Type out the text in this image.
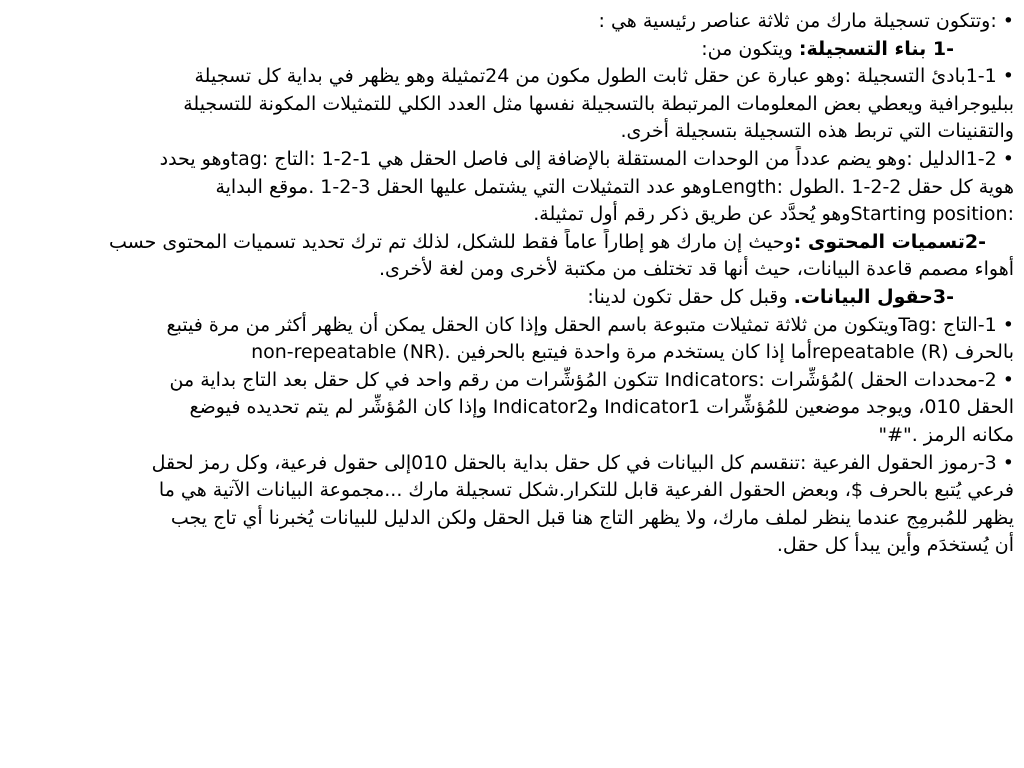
• :وتتكون تسجيلة مارك من ثلاثة عناصر رئيسية هي :
-1 بناء التسجيلة: ويتكون من:
• 1-1بادئ التسجيلة :وهو عبارة عن حقل ثابت الطول مكون من 24تمثيلة وهو يظهر في بداية كل تسجيلة
ببليوجرافية ويعطي بعض المعلومات المرتبطة بالتسجيلة نفسها مثل العدد الكلي للتمثيلات المكونة للتسجيلة
والتقنينات التي تربط هذه التسجيلة بتسجيلة أخرى.
• 1-2الدليل :وهو يضم عدداً من الوحدات المستقلة بالإضافة إلى فاصل الحقل هي 1-2-1 :التاج :tagوهو يحدد
هوية كل حقل 2-2-1 .الطول :Lengthوهو عدد التمثيلات التي يشتمل عليها الحقل 3-2-1 .موقع البداية
:Starting positionوهو يُحدَّد عن طريق ذكر رقم أول تمثيلة.
-2تسميات المحتوى :وحيث إن مارك هو إطاراً عاماً فقط للشكل، لذلك تم ترك تحديد تسميات المحتوى حسب
أهواء مصمم قاعدة البيانات، حيث أنها قد تختلف من مكتبة لأخرى ومن لغة لأخرى.
-3حقول البيانات. وقبل كل حقل تكون لدينا:
• 1-التاج :Tagويتكون من ثلاثة تمثيلات متبوعة باسم الحقل وإذا كان الحقل يمكن أن يظهر أكثر من مرة فيتبع
بالحرف (R) repeatableأما إذا كان يستخدم مرة واحدة فيتبع بالحرفين .non-repeatable (NR)
• 2-محددات الحقل )لمُؤشِّرات :Indicators تتكون المُؤشِّرات من رقم واحد في كل حقل بعد التاج بداية من
الحقل 010، ويوجد موضعين للمُؤشِّرات Indicator1 وIndicator2 وإذا كان المُؤشِّر لم يتم تحديده فيوضع
مكانه الرمز ."#"
• 3-رموز الحقول الفرعية :تنقسم كل البيانات في كل حقل بداية بالحقل 010إلى حقول فرعية، وكل رمز لحقل
فرعي يُتبع بالحرف $، وبعض الحقول الفرعية قابل للتكرار.شكل تسجيلة مارك ...مجموعة البيانات الآتية هي ما
يظهر للمُبرمِج عندما ينظر لملف مارك، ولا يظهر التاج هنا قبل الحقل ولكن الدليل للبيانات يُخبرنا أي تاج يجب
أن يُستخدَم وأين يبدأ كل حقل.
